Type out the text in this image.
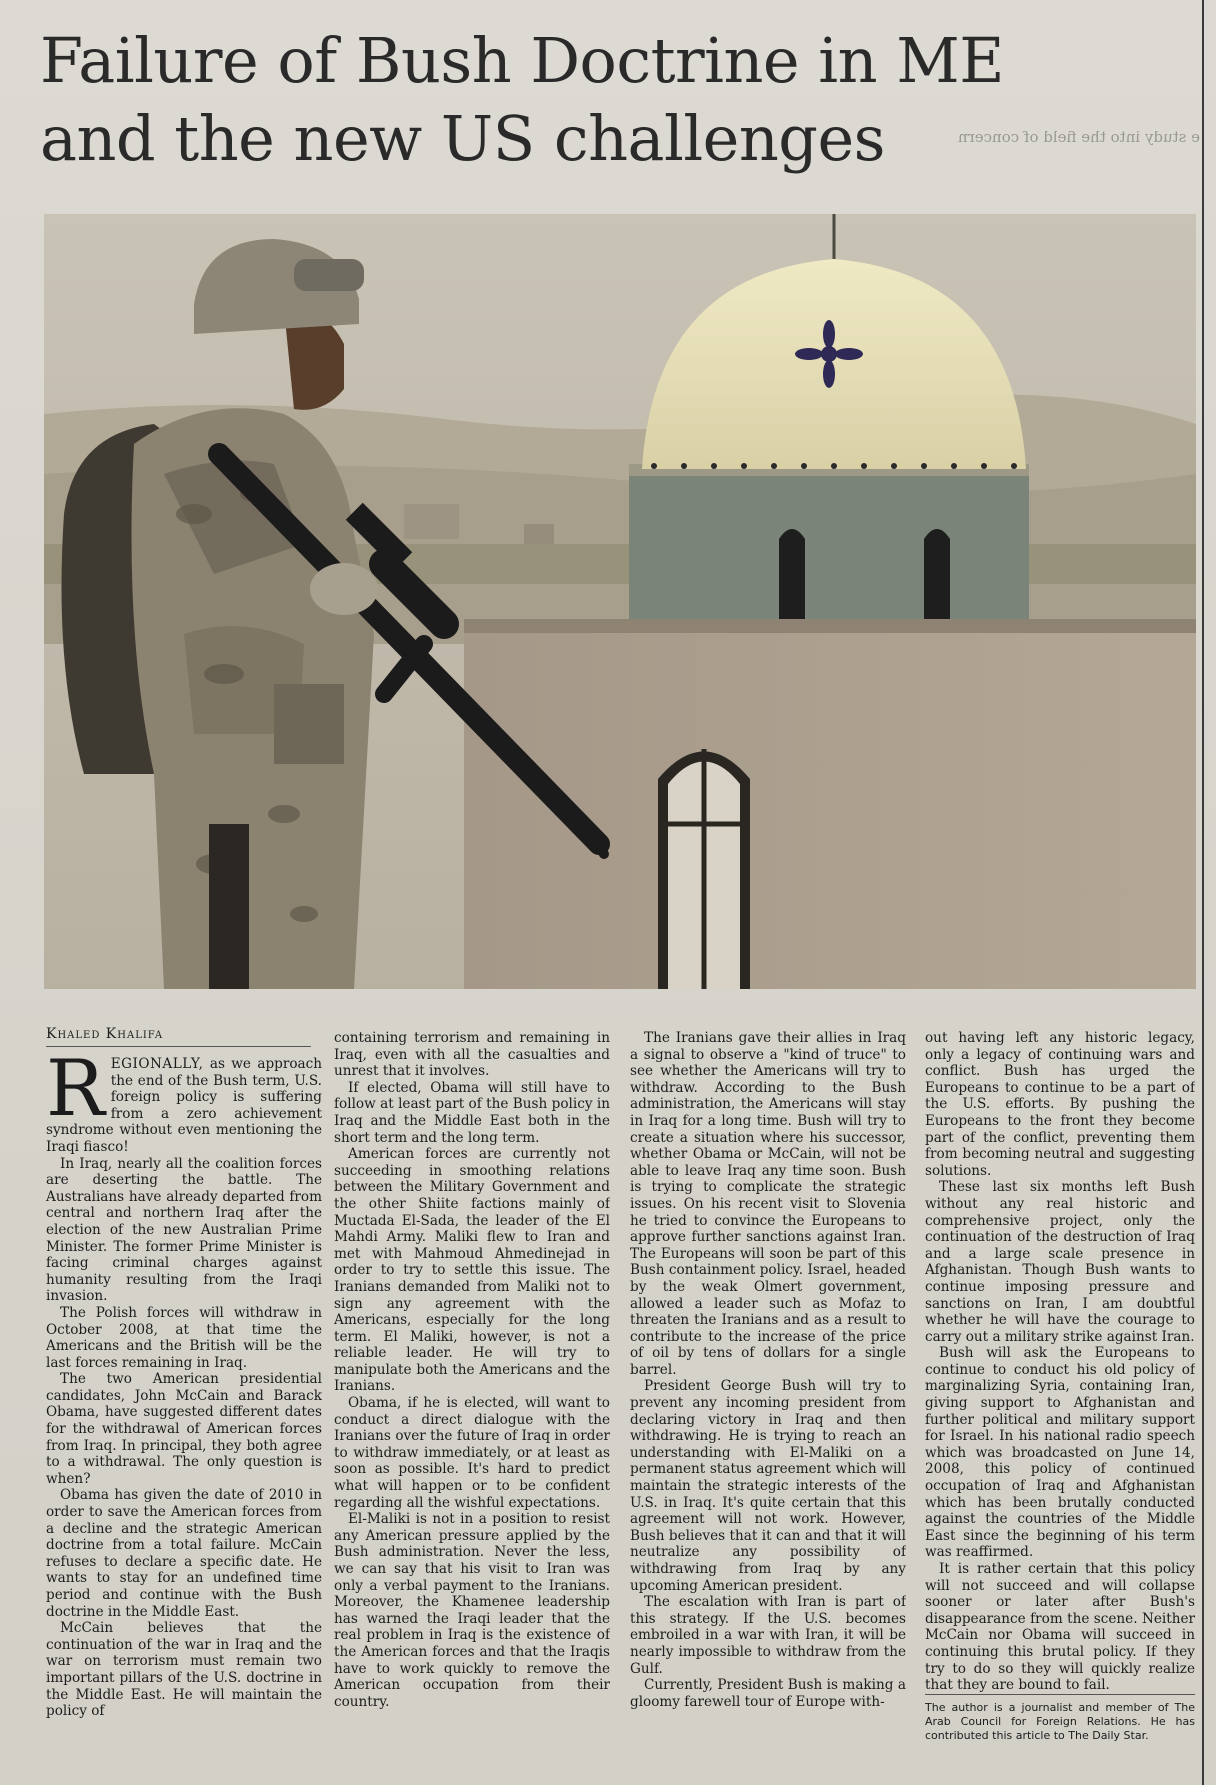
Failure of Bush Doctrine in ME
and the new US challenges	e study into the field of concern
Khaled Khalifa

REGIONALLY, as we approach the end of the Bush term, U.S. foreign policy is suffering from a zero achievement syndrome without even mentioning the Iraqi fiasco!

In Iraq, nearly all the coalition forces are deserting the battle. The Australians have already departed from central and northern Iraq after the election of the new Australian Prime Minister. The former Prime Minister is facing criminal charges against humanity resulting from the Iraqi invasion.

The Polish forces will withdraw in October 2008, at that time the Americans and the British will be the last forces remaining in Iraq.

The two American presidential candidates, John McCain and Barack Obama, have suggested different dates for the withdrawal of American forces from Iraq. In principal, they both agree to a withdrawal. The only question is when?

Obama has given the date of 2010 in order to save the American forces from a decline and the strategic American doctrine from a total failure. McCain refuses to declare a specific date. He wants to stay for an undefined time period and continue with the Bush doctrine in the Middle East.

McCain believes that the continuation of the war in Iraq and the war on terrorism must remain two important pillars of the U.S. doctrine in the Middle East. He will maintain the policy of

containing terrorism and remaining in Iraq, even with all the casualties and unrest that it involves.

If elected, Obama will still have to follow at least part of the Bush policy in Iraq and the Middle East both in the short term and the long term.

American forces are currently not succeeding in smoothing relations between the Military Government and the other Shiite factions mainly of Muctada El-Sada, the leader of the El Mahdi Army. Maliki flew to Iran and met with Mahmoud Ahmedinejad in order to try to settle this issue. The Iranians demanded from Maliki not to sign any agreement with the Americans, especially for the long term. El Maliki, however, is not a reliable leader. He will try to manipulate both the Americans and the Iranians.

Obama, if he is elected, will want to conduct a direct dialogue with the Iranians over the future of Iraq in order to withdraw immediately, or at least as soon as possible. It's hard to predict what will happen or to be confident regarding all the wishful expectations.

El-Maliki is not in a position to resist any American pressure applied by the Bush administration. Never the less, we can say that his visit to Iran was only a verbal payment to the Iranians. Moreover, the Khamenee leadership has warned the Iraqi leader that the real problem in Iraq is the existence of the American forces and that the Iraqis have to work quickly to remove the American occupation from their country.

The Iranians gave their allies in Iraq a signal to observe a "kind of truce" to see whether the Americans will try to withdraw. According to the Bush administration, the Americans will stay in Iraq for a long time. Bush will try to create a situation where his successor, whether Obama or McCain, will not be able to leave Iraq any time soon. Bush is trying to complicate the strategic issues. On his recent visit to Slovenia he tried to convince the Europeans to approve further sanctions against Iran. The Europeans will soon be part of this Bush containment policy. Israel, headed by the weak Olmert government, allowed a leader such as Mofaz to threaten the Iranians and as a result to contribute to the increase of the price of oil by tens of dollars for a single barrel.

President George Bush will try to prevent any incoming president from declaring victory in Iraq and then withdrawing. He is trying to reach an understanding with El-Maliki on a permanent status agreement which will maintain the strategic interests of the U.S. in Iraq. It's quite certain that this agreement will not work. However, Bush believes that it can and that it will neutralize any possibility of withdrawing from Iraq by any upcoming American president.

The escalation with Iran is part of this strategy. If the U.S. becomes embroiled in a war with Iran, it will be nearly impossible to withdraw from the Gulf.

Currently, President Bush is making a gloomy farewell tour of Europe with-

out having left any historic legacy, only a legacy of continuing wars and conflict. Bush has urged the Europeans to continue to be a part of the U.S. efforts. By pushing the Europeans to the front they become part of the conflict, preventing them from becoming neutral and suggesting solutions.

These last six months left Bush without any real historic and comprehensive project, only the continuation of the destruction of Iraq and a large scale presence in Afghanistan. Though Bush wants to continue imposing pressure and sanctions on Iran, I am doubtful whether he will have the courage to carry out a military strike against Iran.

Bush will ask the Europeans to continue to conduct his old policy of marginalizing Syria, containing Iran, giving support to Afghanistan and further political and military support for Israel. In his national radio speech which was broadcasted on June 14, 2008, this policy of continued occupation of Iraq and Afghanistan which has been brutally conducted against the countries of the Middle East since the beginning of his term was reaffirmed.

It is rather certain that this policy will not succeed and will collapse sooner or later after Bush's disappearance from the scene. Neither McCain nor Obama will succeed in continuing this brutal policy. If they try to do so they will quickly realize that they are bound to fail.

The author is a journalist and member of The Arab Council for Foreign Relations. He has contributed this article to The Daily Star.
